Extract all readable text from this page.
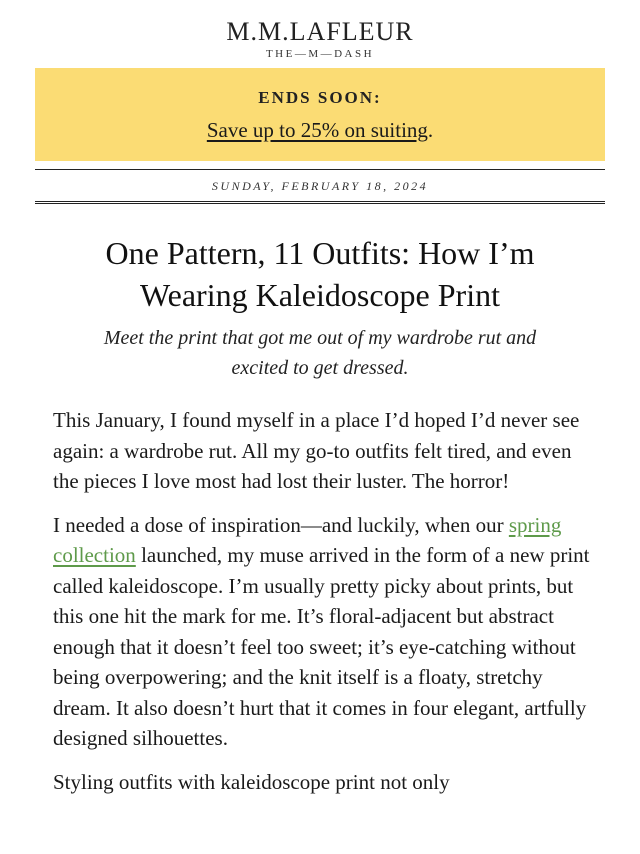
M.M.LAFLEUR
THE—M—DASH
ENDS SOON:
Save up to 25% on suiting.
SUNDAY, FEBRUARY 18, 2024
One Pattern, 11 Outfits: How I’m Wearing Kaleidoscope Print
Meet the print that got me out of my wardrobe rut and excited to get dressed.

This January, I found myself in a place I’d hoped I’d never see again: a wardrobe rut. All my go-to outfits felt tired, and even the pieces I love most had lost their luster. The horror!

I needed a dose of inspiration—and luckily, when our spring collection launched, my muse arrived in the form of a new print called kaleidoscope. I’m usually pretty picky about prints, but this one hit the mark for me. It’s floral-adjacent but abstract enough that it doesn’t feel too sweet; it’s eye-catching without being overpowering; and the knit itself is a floaty, stretchy dream. It also doesn’t hurt that it comes in four elegant, artfully designed silhouettes.

Styling outfits with kaleidoscope print not only
